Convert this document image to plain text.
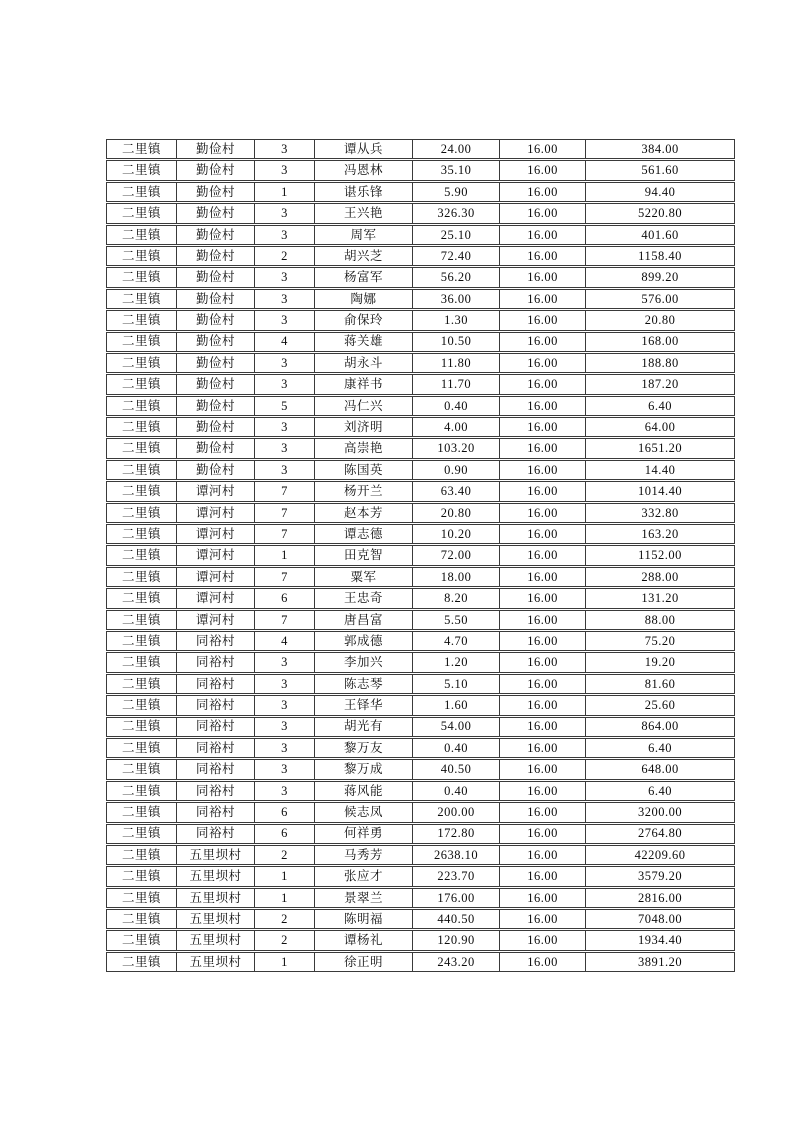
二里镇	勤俭村	3	谭从兵	24.00	16.00	384.00
二里镇	勤俭村	3	冯恩林	35.10	16.00	561.60
二里镇	勤俭村	1	谌乐锋	5.90	16.00	94.40
二里镇	勤俭村	3	王兴艳	326.30	16.00	5220.80
二里镇	勤俭村	3	周军	25.10	16.00	401.60
二里镇	勤俭村	2	胡兴芝	72.40	16.00	1158.40
二里镇	勤俭村	3	杨富军	56.20	16.00	899.20
二里镇	勤俭村	3	陶娜	36.00	16.00	576.00
二里镇	勤俭村	3	俞保玲	1.30	16.00	20.80
二里镇	勤俭村	4	蒋关雄	10.50	16.00	168.00
二里镇	勤俭村	3	胡永斗	11.80	16.00	188.80
二里镇	勤俭村	3	康祥书	11.70	16.00	187.20
二里镇	勤俭村	5	冯仁兴	0.40	16.00	6.40
二里镇	勤俭村	3	刘济明	4.00	16.00	64.00
二里镇	勤俭村	3	高崇艳	103.20	16.00	1651.20
二里镇	勤俭村	3	陈国英	0.90	16.00	14.40
二里镇	谭河村	7	杨开兰	63.40	16.00	1014.40
二里镇	谭河村	7	赵本芳	20.80	16.00	332.80
二里镇	谭河村	7	谭志德	10.20	16.00	163.20
二里镇	谭河村	1	田克智	72.00	16.00	1152.00
二里镇	谭河村	7	粟军	18.00	16.00	288.00
二里镇	谭河村	6	王忠奇	8.20	16.00	131.20
二里镇	谭河村	7	唐昌富	5.50	16.00	88.00
二里镇	同裕村	4	郭成德	4.70	16.00	75.20
二里镇	同裕村	3	李加兴	1.20	16.00	19.20
二里镇	同裕村	3	陈志琴	5.10	16.00	81.60
二里镇	同裕村	3	王铎华	1.60	16.00	25.60
二里镇	同裕村	3	胡光有	54.00	16.00	864.00
二里镇	同裕村	3	黎万友	0.40	16.00	6.40
二里镇	同裕村	3	黎万成	40.50	16.00	648.00
二里镇	同裕村	3	蒋风能	0.40	16.00	6.40
二里镇	同裕村	6	候志凤	200.00	16.00	3200.00
二里镇	同裕村	6	何祥勇	172.80	16.00	2764.80
二里镇	五里坝村	2	马秀芳	2638.10	16.00	42209.60
二里镇	五里坝村	1	张应才	223.70	16.00	3579.20
二里镇	五里坝村	1	景翠兰	176.00	16.00	2816.00
二里镇	五里坝村	2	陈明福	440.50	16.00	7048.00
二里镇	五里坝村	2	谭杨礼	120.90	16.00	1934.40
二里镇	五里坝村	1	徐正明	243.20	16.00	3891.20
